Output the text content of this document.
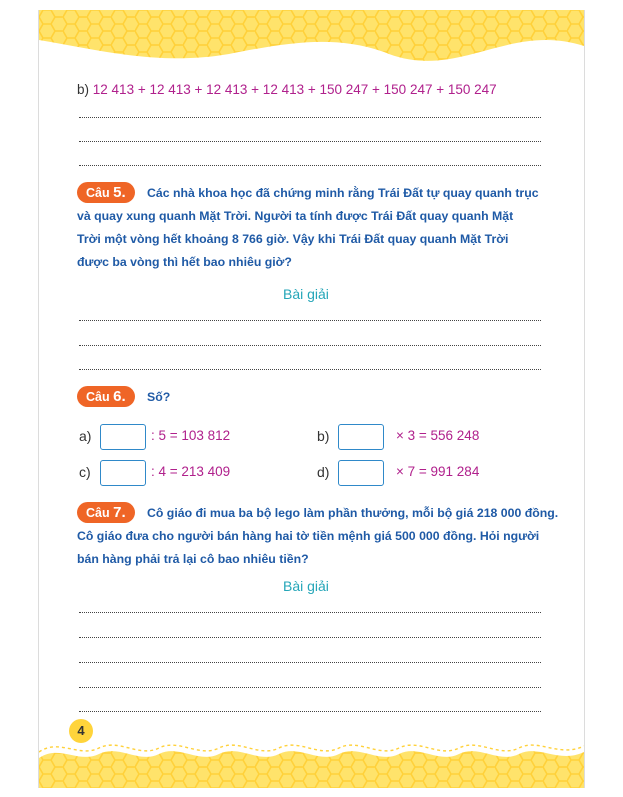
b) 12 413 + 12 413 + 12 413 + 12 413 + 150 247 + 150 247 + 150 247
Câu 5.	Các nhà khoa học đã chứng minh rằng Trái Đất tự quay quanh trục
và quay xung quanh Mặt Trời. Người ta tính được Trái Đất quay quanh Mặt
Trời một vòng hết khoảng 8 766 giờ. Vậy khi Trái Đất quay quanh Mặt Trời
được ba vòng thì hết bao nhiêu giờ?
Bài giải
Câu 6.	Số?
a)	: 5 = 103 812	b)	× 3 = 556 248
c)	: 4 = 213 409	d)	× 7 = 991 284
Câu 7.	Cô giáo đi mua ba bộ lego làm phần thưởng, mỗi bộ giá 218 000 đồng.
Cô giáo đưa cho người bán hàng hai tờ tiền mệnh giá 500 000 đồng. Hỏi người
bán hàng phải trả lại cô bao nhiêu tiền?
Bài giải
4
